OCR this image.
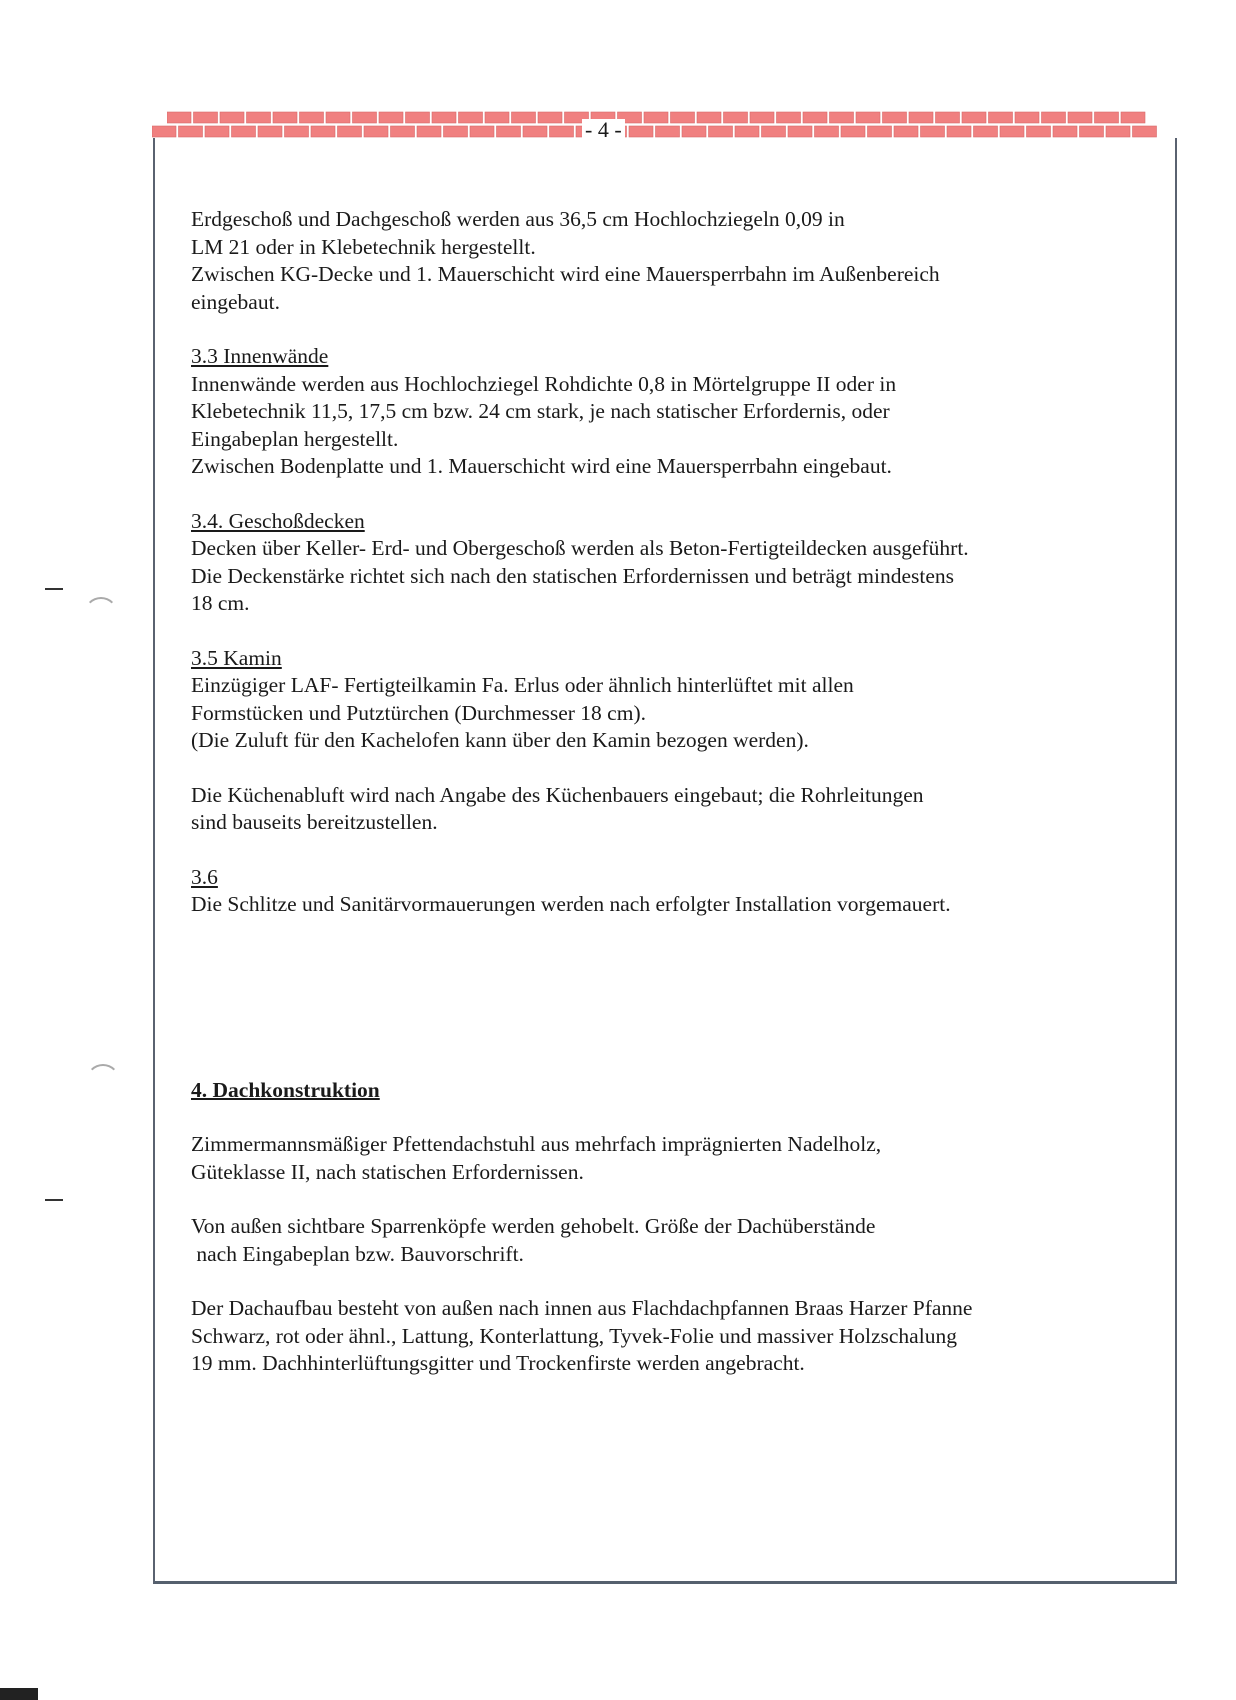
- 4 -

Erdgeschoß und Dachgeschoß werden aus 36,5 cm Hochlochziegeln 0,09 in

LM 21 oder in Klebetechnik hergestellt.

Zwischen KG-Decke und 1. Mauerschicht wird eine Mauersperrbahn im Außenbereich

eingebaut.

3.3 Innenwände

Innenwände werden aus Hochlochziegel Rohdichte 0,8 in Mörtelgruppe II oder in

Klebetechnik 11,5, 17,5 cm bzw. 24 cm stark, je nach statischer Erfordernis, oder

Eingabeplan hergestellt.

Zwischen Bodenplatte und 1. Mauerschicht wird eine Mauersperrbahn eingebaut.

3.4. Geschoßdecken

Decken über Keller- Erd- und Obergeschoß werden als Beton-Fertigteildecken ausgeführt.

Die Deckenstärke richtet sich nach den statischen Erfordernissen und beträgt mindestens

18 cm.

3.5 Kamin

Einzügiger LAF- Fertigteilkamin Fa. Erlus oder ähnlich hinterlüftet mit allen

Formstücken und Putztürchen (Durchmesser 18 cm).

(Die Zuluft für den Kachelofen kann über den Kamin bezogen werden).

Die Küchenabluft wird nach Angabe des Küchenbauers eingebaut; die Rohrleitungen

sind bauseits bereitzustellen.

3.6

Die Schlitze und Sanitärvormauerungen werden nach erfolgter Installation vorgemauert.

4. Dachkonstruktion

Zimmermannsmäßiger Pfettendachstuhl aus mehrfach imprägnierten Nadelholz,

Güteklasse II, nach statischen Erfordernissen.

Von außen sichtbare Sparrenköpfe werden gehobelt. Größe der Dachüberstände

nach Eingabeplan bzw. Bauvorschrift.

Der Dachaufbau besteht von außen nach innen aus Flachdachpfannen Braas Harzer Pfanne

Schwarz, rot oder ähnl., Lattung, Konterlattung, Tyvek-Folie und massiver Holzschalung

19 mm. Dachhinterlüftungsgitter und Trockenfirste werden angebracht.
